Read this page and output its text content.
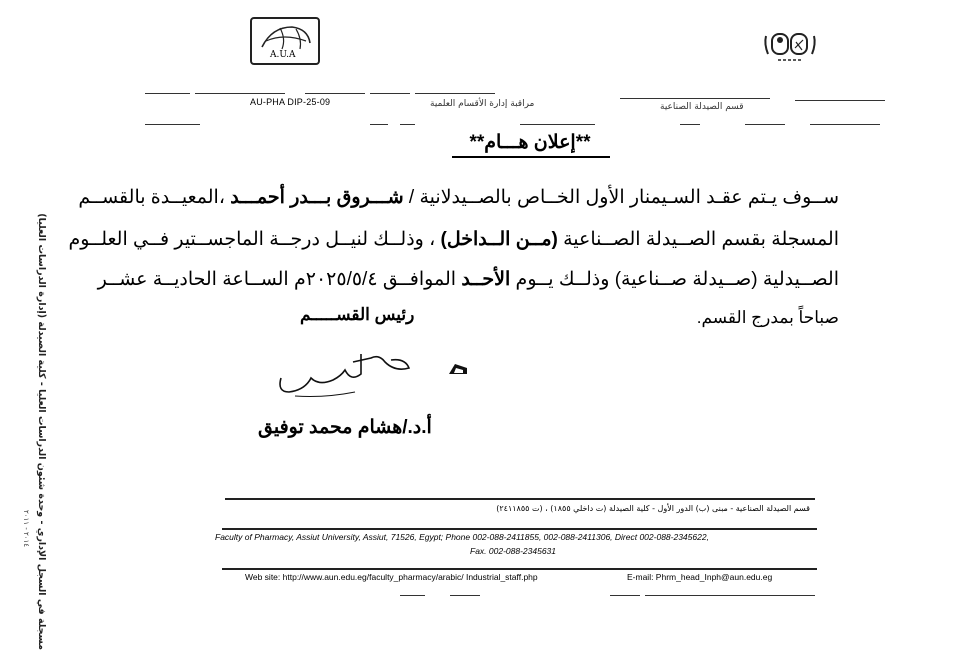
A.U.A
AU-PHA DIP-25-09	مراقبة إدارة الأقسام العلمية	قسم الصيدلة الصناعية
**إعلان هـــام**
ســوف يـتم عقـد السـيمنار الأول الخــاص بالصــيدلانية / شـــروق بـــدر أحمـــد ،المعيــدة بالقســم
المسجلة بقسم الصــيدلة الصــناعية (مــن الــداخل) ، وذلــك لنيــل درجــة الماجســتير فــي العلــوم
الصــيدلية (صــيدلة صــناعية) وذلــك يــوم الأحــد الموافــق ٢٠٢٥/٥/٤م الســاعة الحاديــة عشــر
صباحاً بمدرج القسم.
رئيس القســـــم
أ.د./هشام محمد توفيق
قسم الصيدلة الصناعية - مبنى (ب) الدور الأول - كلية الصيدلة (ت داخلي ١٨٥٥) ، (ت ٢٤١١٨٥٥)
Faculty of Pharmacy, Assiut University, Assiut, 71526, Egypt; Phone 002-088-2411855, 002-088-2411306, Direct 002-088-2345622,
Fax. 002-088-2345631
Web site: http://www.aun.edu.eg/faculty_pharmacy/arabic/ Industrial_staff.php	E-mail: Phrm_head_Inph@aun.edu.eg
مسجلة في السجل الإداري - وحدة شئون الدراسات العليا - كلية الصيدلة (إدارة الدراسات العليا)
٢٠١٤ - ٢٠١١
